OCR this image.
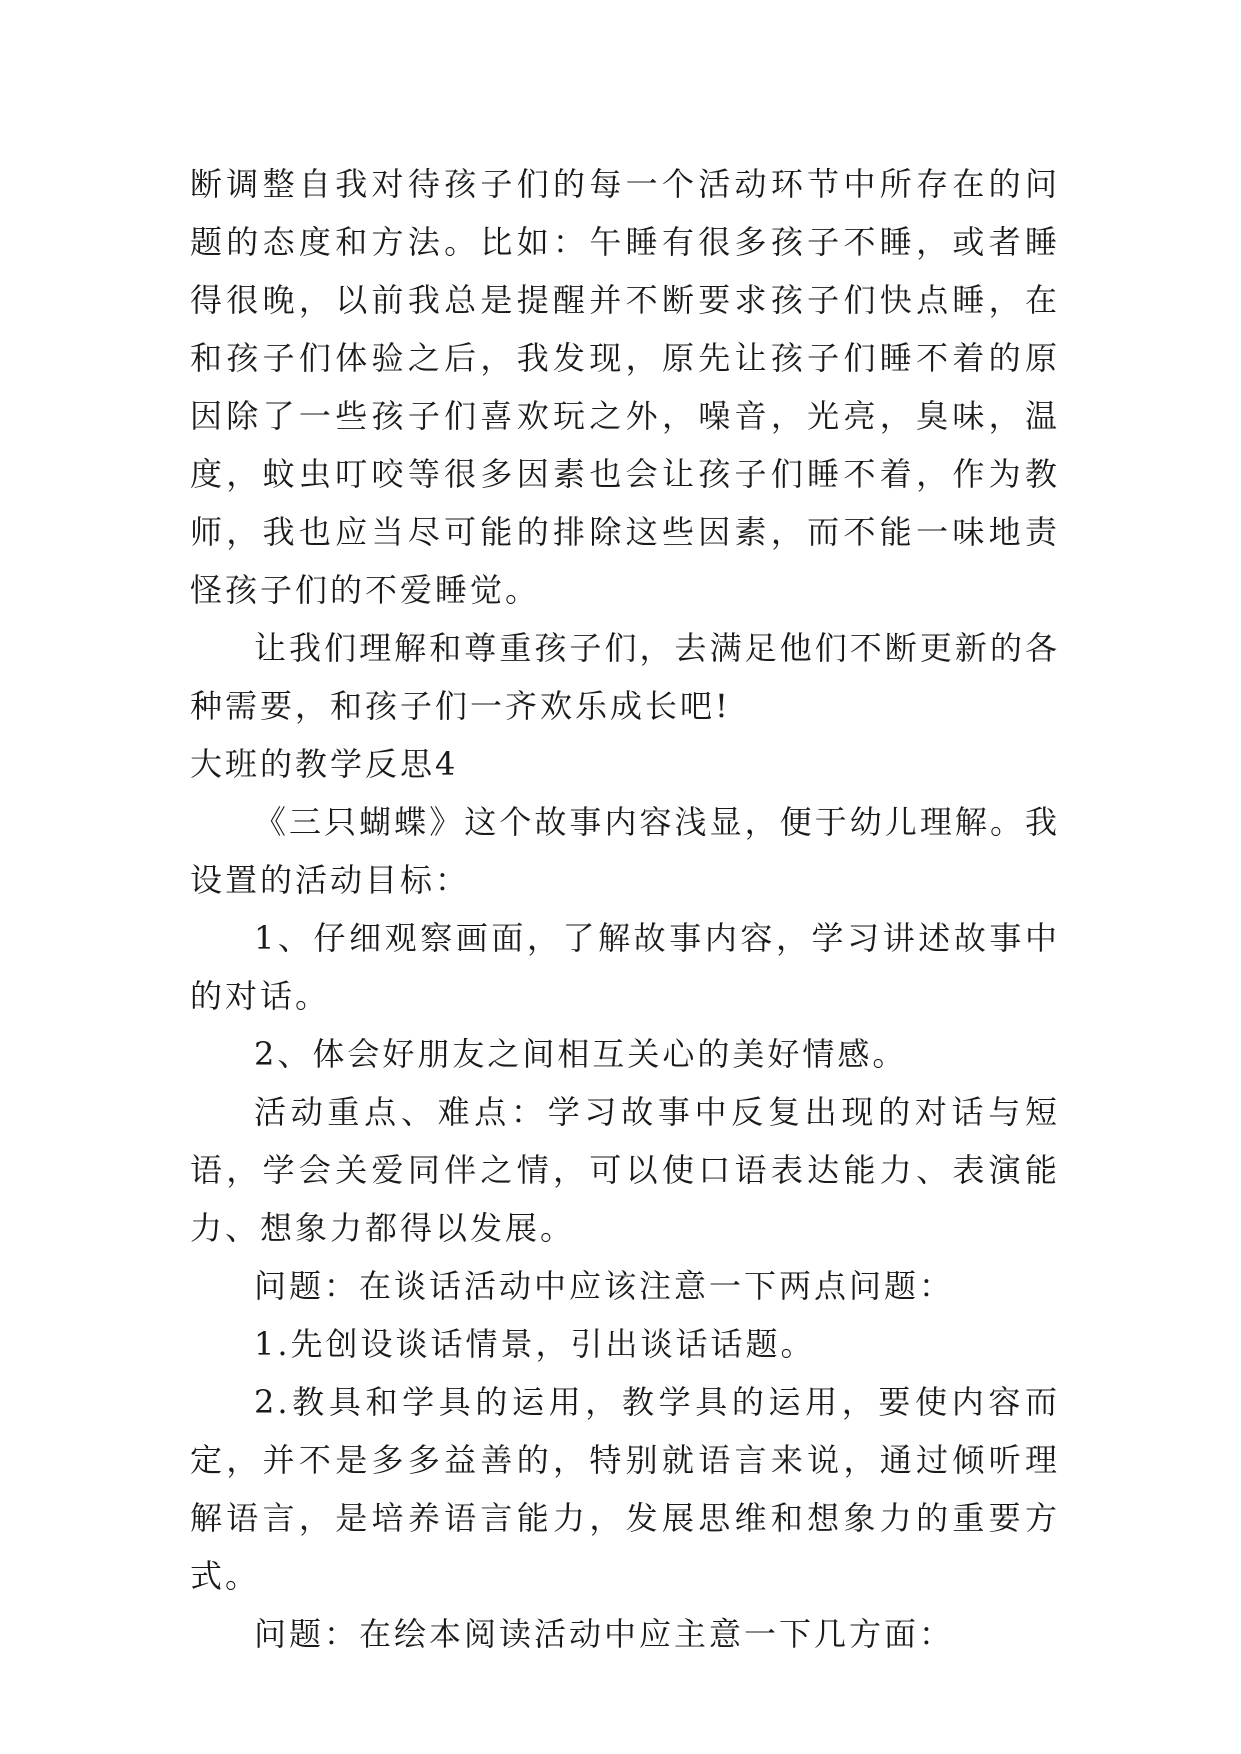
断调整自我对待孩子们的每一个活动环节中所存在的问题的态度和方法。比如：午睡有很多孩子不睡，或者睡得很晚，以前我总是提醒并不断要求孩子们快点睡，在和孩子们体验之后，我发现，原先让孩子们睡不着的原因除了一些孩子们喜欢玩之外，噪音，光亮，臭味，温度，蚊虫叮咬等很多因素也会让孩子们睡不着，作为教师，我也应当尽可能的排除这些因素，而不能一味地责怪孩子们的不爱睡觉。

让我们理解和尊重孩子们，去满足他们不断更新的各种需要，和孩子们一齐欢乐成长吧!

大班的教学反思4

《三只蝴蝶》这个故事内容浅显，便于幼儿理解。我设置的活动目标：

1、仔细观察画面，了解故事内容，学习讲述故事中的对话。

2、体会好朋友之间相互关心的美好情感。

活动重点、难点：学习故事中反复出现的对话与短语，学会关爱同伴之情，可以使口语表达能力、表演能力、想象力都得以发展。

问题：在谈话活动中应该注意一下两点问题：

1.先创设谈话情景，引出谈话话题。

2.教具和学具的运用，教学具的运用，要使内容而定，并不是多多益善的，特别就语言来说，通过倾听理解语言，是培养语言能力，发展思维和想象力的重要方式。

问题：在绘本阅读活动中应主意一下几方面：
